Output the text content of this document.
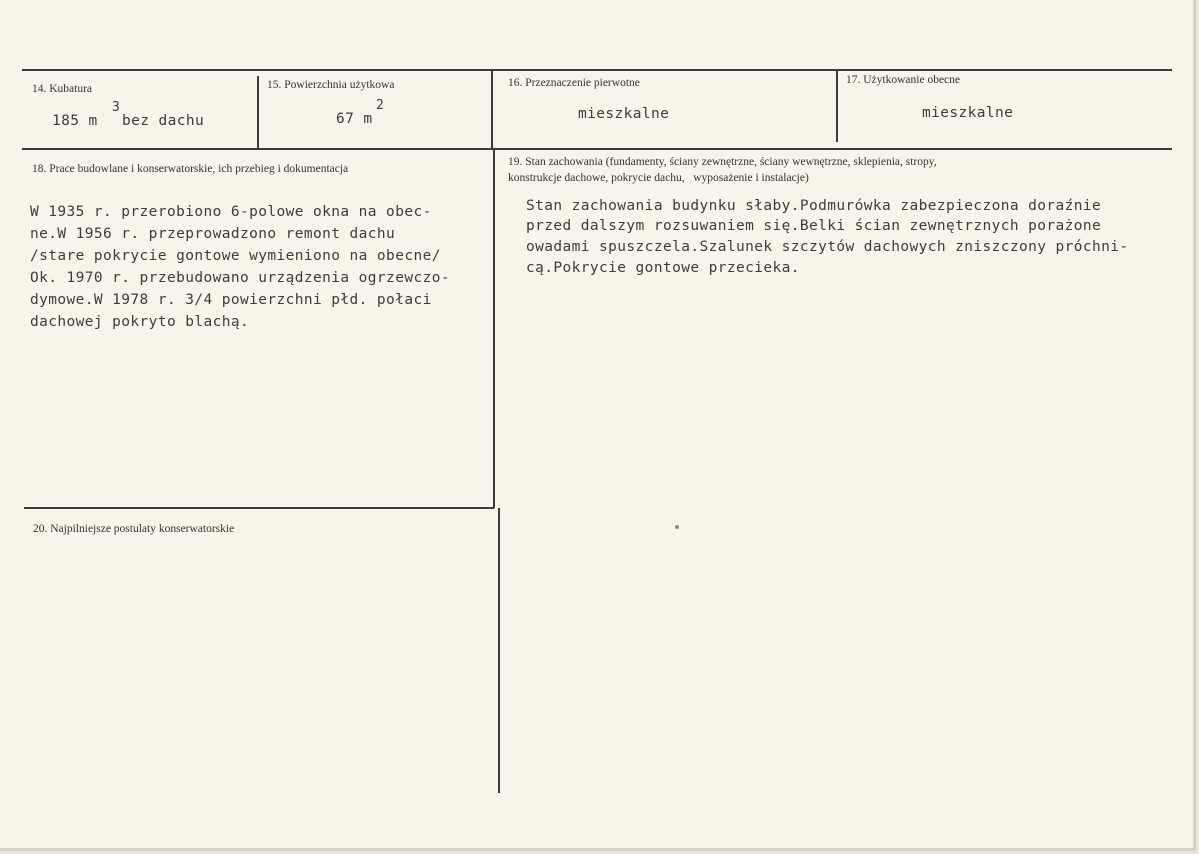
14. Kubatura
185 m
3
bez dachu
15. Powierzchnia użytkowa
67 m
2
16. Przeznaczenie pierwotne
mieszkalne
17. Użytkowanie obecne
mieszkalne
18. Prace budowlane i konserwatorskie, ich przebieg i dokumentacja
W 1935 r. przerobiono 6-polowe okna na obec-
ne.W 1956 r. przeprowadzono remont dachu
/stare pokrycie gontowe wymieniono na obecne/
Ok. 1970 r. przebudowano urządzenia ogrzewczo-
dymowe.W 1978 r. 3/4 powierzchni płd. połaci
dachowej pokryto blachą.
19. Stan zachowania (fundamenty, ściany zewnętrzne, ściany wewnętrzne, sklepienia, stropy,
konstrukcje dachowe, pokrycie dachu,   wyposażenie i instalacje)
Stan zachowania budynku słaby.Podmurówka zabezpieczona doraźnie
przed dalszym rozsuwaniem się.Belki ścian zewnętrznych porażone
owadami spuszczela.Szalunek szczytów dachowych zniszczony próchni-
cą.Pokrycie gontowe przecieka.
20. Najpilniejsze postulaty konserwatorskie
